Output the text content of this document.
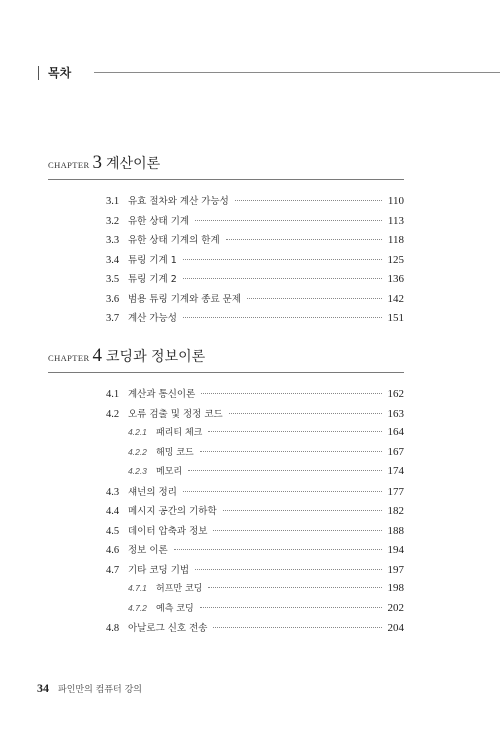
목차
CHAPTER 3 계산이론
3.1 유효 절차와 계산 가능성	110
3.2 유한 상태 기계	113
3.3 유한 상태 기계의 한계	118
3.4 튜링 기계 1	125
3.5 튜링 기계 2	136
3.6 범용 튜링 기계와 종료 문제	142
3.7 계산 가능성	151
CHAPTER 4 코딩과 정보이론
4.1 계산과 통신이론	162
4.2 오류 검출 및 정정 코드	163
4.2.1	패리티 체크	164
4.2.2	해밍 코드	167
4.2.3	메모리	174
4.3 섀넌의 정리	177
4.4 메시지 공간의 기하학	182
4.5 데이터 압축과 정보	188
4.6 정보 이론	194
4.7 기타 코딩 기법	197
4.7.1	허프만 코딩	198
4.7.2	예측 코딩	202
4.8 아날로그 신호 전송	204
34 파인만의 컴퓨터 강의
